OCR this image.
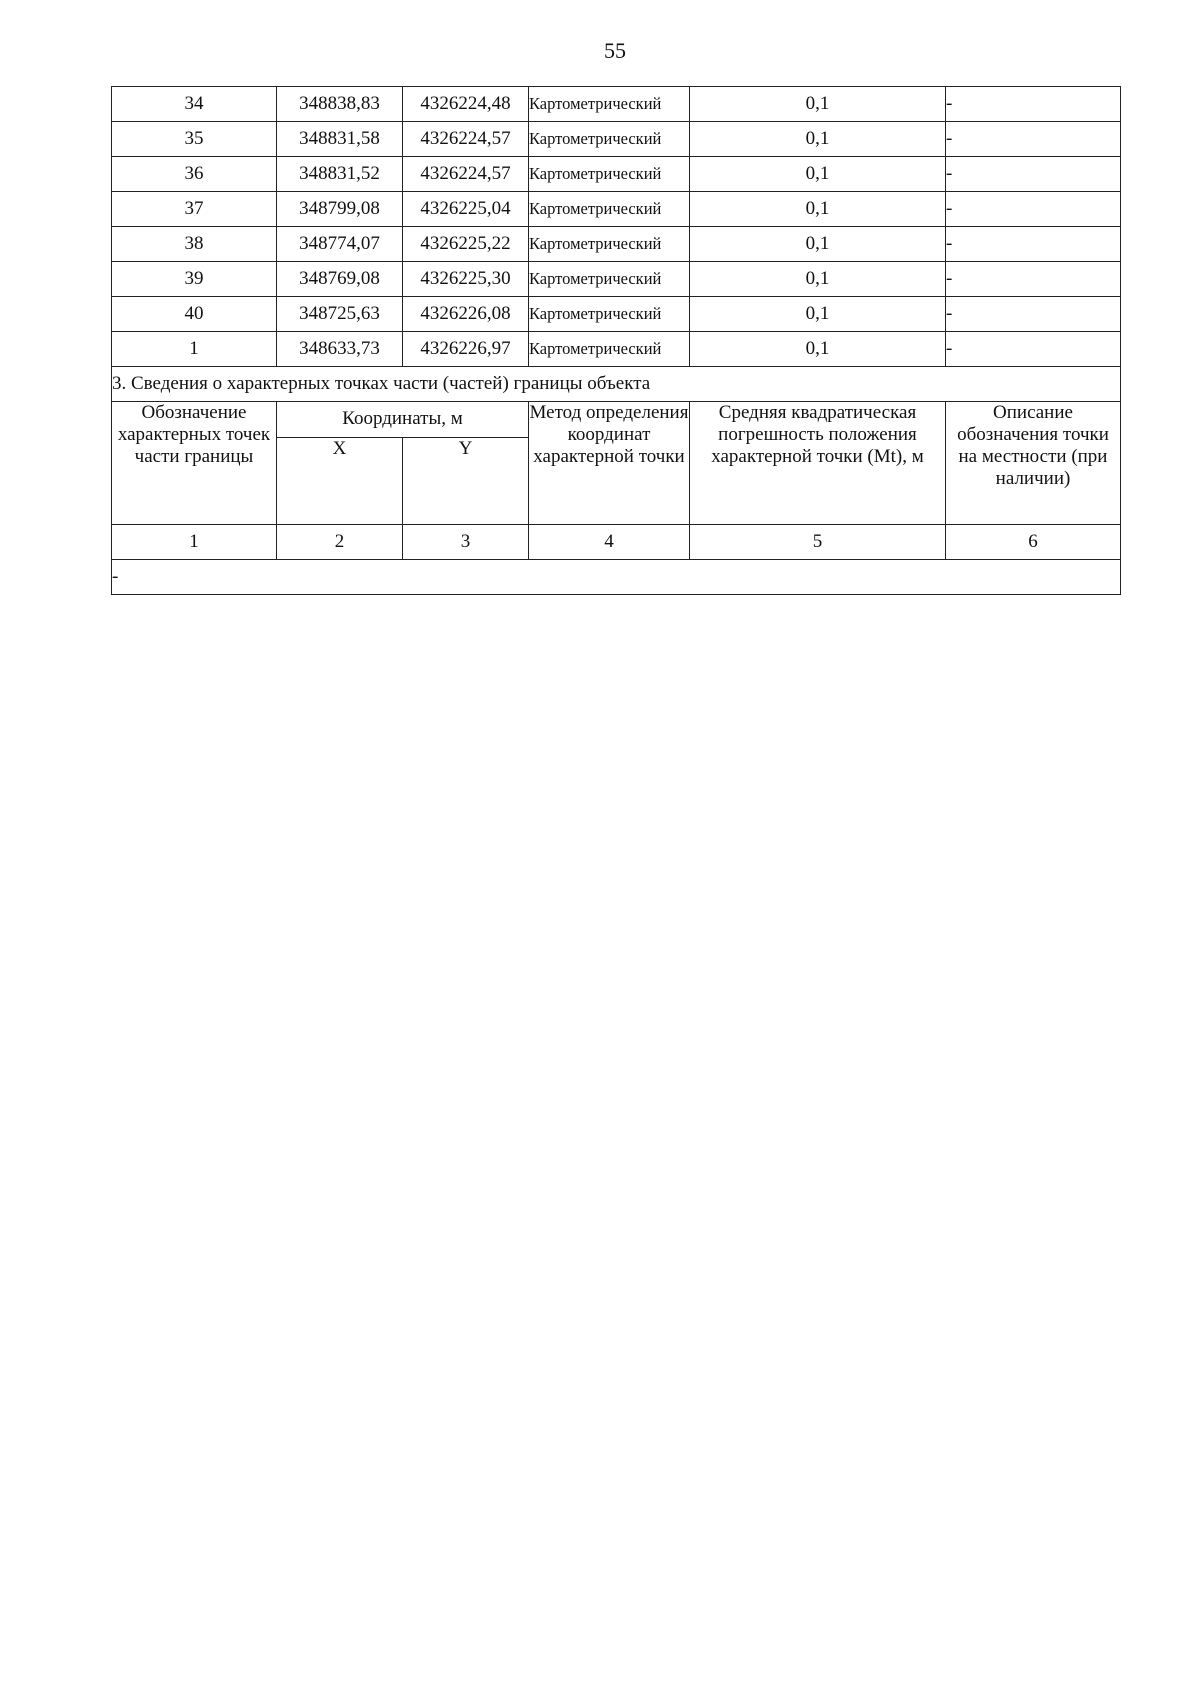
55
34	348838,83	4326224,48	Картометрический	0,1	-
35	348831,58	4326224,57	Картометрический	0,1	-
36	348831,52	4326224,57	Картометрический	0,1	-
37	348799,08	4326225,04	Картометрический	0,1	-
38	348774,07	4326225,22	Картометрический	0,1	-
39	348769,08	4326225,30	Картометрический	0,1	-
40	348725,63	4326226,08	Картометрический	0,1	-
1	348633,73	4326226,97	Картометрический	0,1	-
3. Сведения о характерных точках части (частей) границы объекта					
Обозначение характерных точек части границы	Координаты, м		Метод определения координат характерной точки	Средняя квадратическая погрешность положения характерной точки (Mt), м	Описание обозначения точки на местности (при наличии)
	X	Y			
1	2	3	4	5	6
-					
